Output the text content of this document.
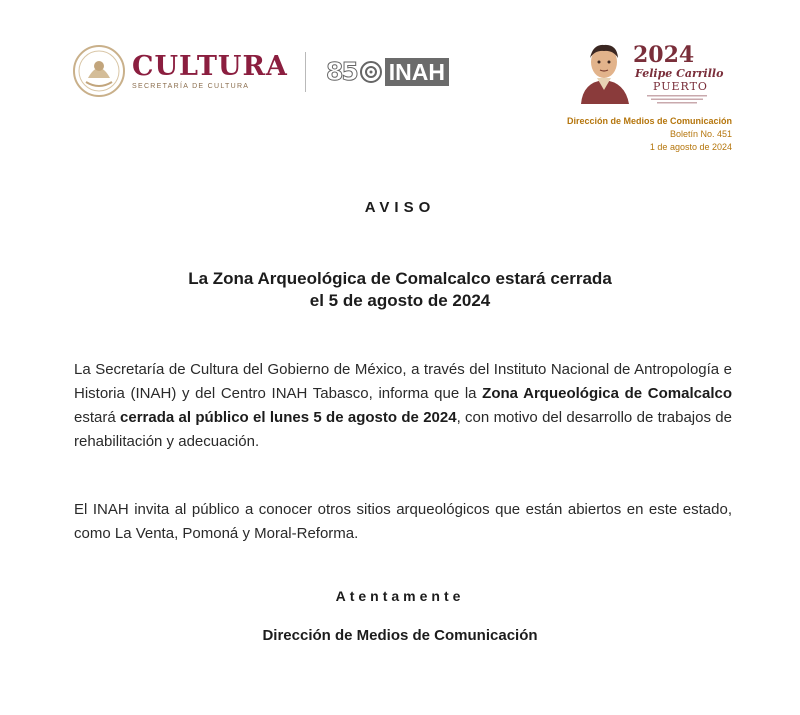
CULTURA
SECRETARÍA DE CULTURA	85 INAH
2024
Felipe Carrillo
PUERTO
Dirección de Medios de Comunicación
Boletín No. 451
1 de agosto de 2024
AVISO
La Zona Arqueológica de Comalcalco estará cerrada
el 5 de agosto de 2024
La Secretaría de Cultura del Gobierno de México, a través del Instituto Nacional de Antropología e Historia (INAH) y del Centro INAH Tabasco, informa que la Zona Arqueológica de Comalcalco estará cerrada al público el lunes 5 de agosto de 2024, con motivo del desarrollo de trabajos de rehabilitación y adecuación.
El INAH invita al público a conocer otros sitios arqueológicos que están abiertos en este estado, como La Venta, Pomoná y Moral-Reforma.
Atentamente
Dirección de Medios de Comunicación
